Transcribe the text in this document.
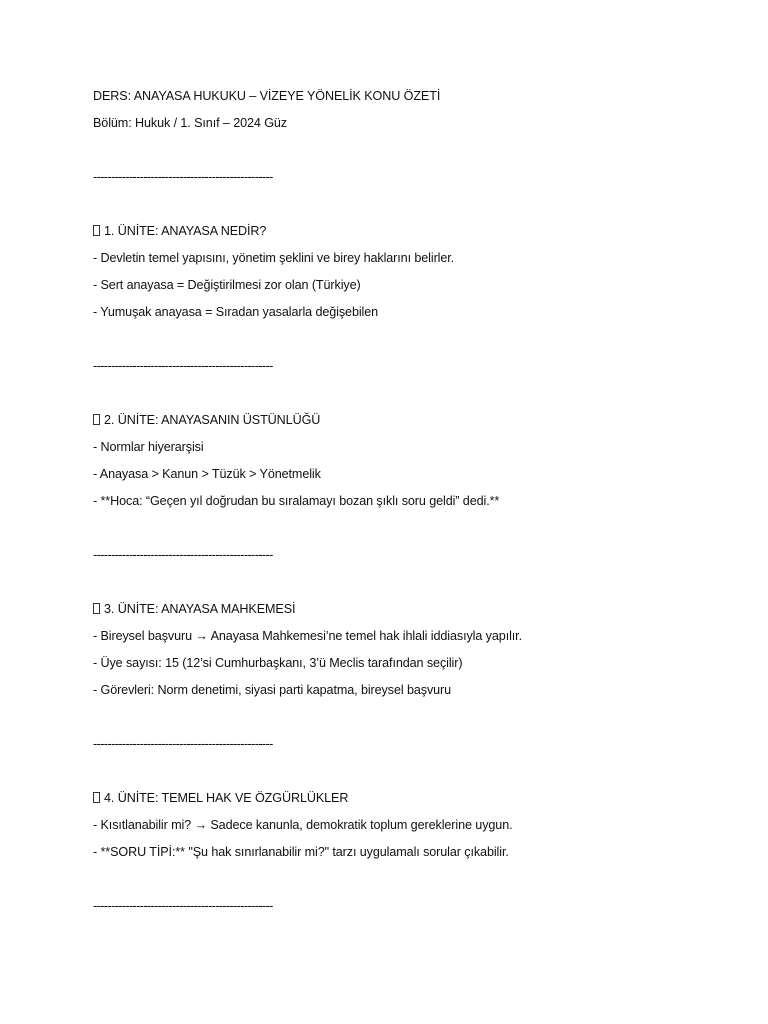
DERS: ANAYASA HUKUKU – VİZEYE YÖNELİK KONU ÖZETİ
Bölüm: Hukuk / 1. Sınıf – 2024 Güz
--------------------------------------------------
1. ÜNİTE: ANAYASA NEDİR?
- Devletin temel yapısını, yönetim şeklini ve birey haklarını belirler.
- Sert anayasa = Değiştirilmesi zor olan (Türkiye)
- Yumuşak anayasa = Sıradan yasalarla değişebilen
--------------------------------------------------
2. ÜNİTE: ANAYASANIN ÜSTÜNLÜĞÜ
- Normlar hiyerarşisi
- Anayasa > Kanun > Tüzük > Yönetmelik
- **Hoca: “Geçen yıl doğrudan bu sıralamayı bozan şıklı soru geldi” dedi.**
--------------------------------------------------
3. ÜNİTE: ANAYASA MAHKEMESİ
- Bireysel başvuru → Anayasa Mahkemesi’ne temel hak ihlali iddiasıyla yapılır.
- Üye sayısı: 15 (12’si Cumhurbaşkanı, 3’ü Meclis tarafından seçilir)
- Görevleri: Norm denetimi, siyasi parti kapatma, bireysel başvuru
--------------------------------------------------
4. ÜNİTE: TEMEL HAK VE ÖZGÜRLÜKLER
- Kısıtlanabilir mi? → Sadece kanunla, demokratik toplum gereklerine uygun.
- **SORU TİPİ:** "Şu hak sınırlanabilir mi?" tarzı uygulamalı sorular çıkabilir.
--------------------------------------------------
